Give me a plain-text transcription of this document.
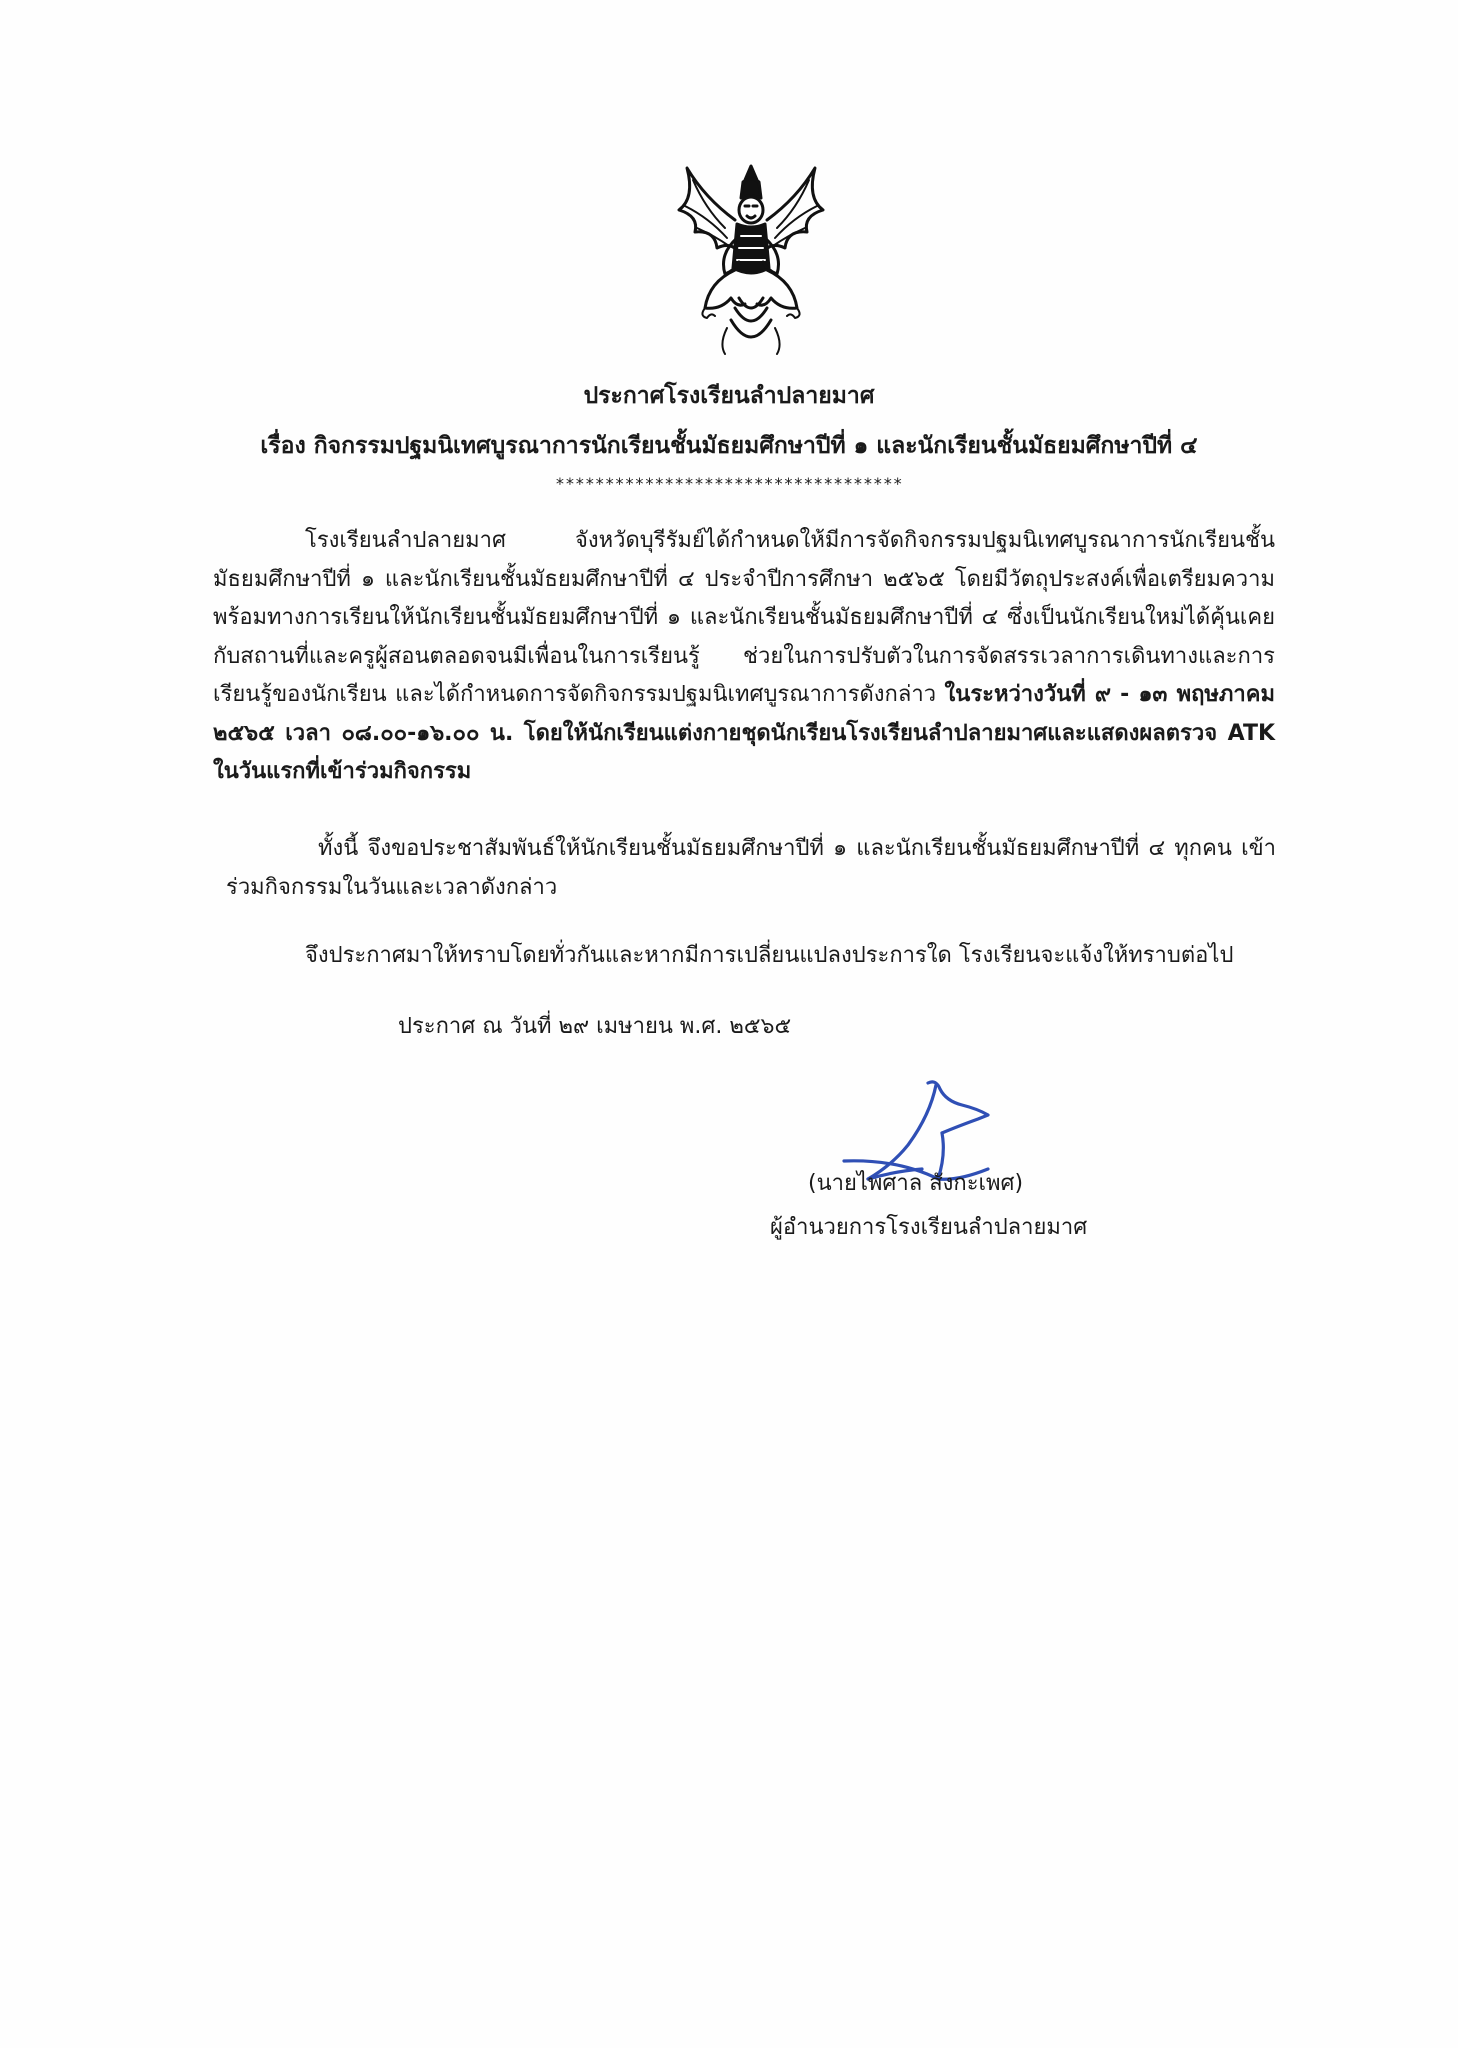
ประกาศโรงเรียนลำปลายมาศ
เรื่อง กิจกรรมปฐมนิเทศบูรณาการนักเรียนชั้นมัธยมศึกษาปีที่ ๑ และนักเรียนชั้นมัธยมศึกษาปีที่ ๔
***********************************

โรงเรียนลำปลายมาศ จังหวัดบุรีรัมย์ได้กำหนดให้มีการจัดกิจกรรมปฐมนิเทศบูรณาการนักเรียนชั้นมัธยมศึกษาปีที่ ๑ และนักเรียนชั้นมัธยมศึกษาปีที่ ๔ ประจำปีการศึกษา ๒๕๖๕ โดยมีวัตถุประสงค์เพื่อเตรียมความพร้อมทางการเรียนให้นักเรียนชั้นมัธยมศึกษาปีที่ ๑ และนักเรียนชั้นมัธยมศึกษาปีที่ ๔ ซึ่งเป็นนักเรียนใหม่ได้คุ้นเคยกับสถานที่และครูผู้สอนตลอดจนมีเพื่อนในการเรียนรู้ ช่วยในการปรับตัวในการจัดสรรเวลาการเดินทางและการเรียนรู้ของนักเรียน และได้กำหนดการจัดกิจกรรมปฐมนิเทศบูรณาการดังกล่าว ในระหว่างวันที่ ๙ - ๑๓ พฤษภาคม ๒๕๖๕ เวลา ๐๘.๐๐-๑๖.๐๐ น. โดยให้นักเรียนแต่งกายชุดนักเรียนโรงเรียนลำปลายมาศและแสดงผลตรวจ ATK ในวันแรกที่เข้าร่วมกิจกรรม

ทั้งนี้ จึงขอประชาสัมพันธ์ให้นักเรียนชั้นมัธยมศึกษาปีที่ ๑ และนักเรียนชั้นมัธยมศึกษาปีที่ ๔ ทุกคน เข้าร่วมกิจกรรมในวันและเวลาดังกล่าว

จึงประกาศมาให้ทราบโดยทั่วกันและหากมีการเปลี่ยนแปลงประการใด โรงเรียนจะแจ้งให้ทราบต่อไป

ประกาศ ณ วันที่ ๒๙ เมษายน พ.ศ. ๒๕๖๕
(นายไพศาล สังกะเพศ)
ผู้อำนวยการโรงเรียนลำปลายมาศ
